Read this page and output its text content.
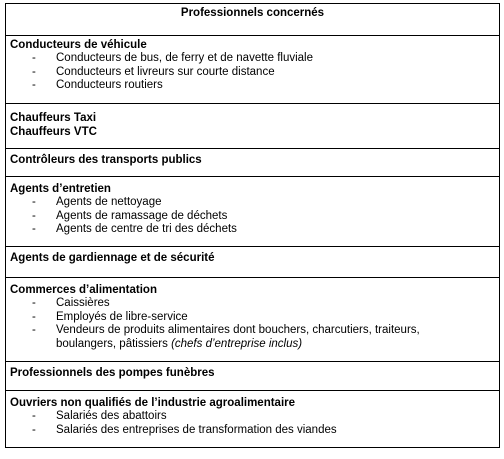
Professionnels concernés
Conducteurs de véhicule
- Conducteurs de bus, de ferry et de navette fluviale
- Conducteurs et livreurs sur courte distance
- Conducteurs routiers
Chauffeurs Taxi
Chauffeurs VTC
Contrôleurs des transports publics
Agents d’entretien
- Agents de nettoyage
- Agents de ramassage de déchets
- Agents de centre de tri des déchets
Agents de gardiennage et de sécurité
Commerces d’alimentation
- Caissières
- Employés de libre-service
- Vendeurs de produits alimentaires dont bouchers, charcutiers, traiteurs,
boulangers, pâtissiers (chefs d’entreprise inclus)
Professionnels des pompes funèbres
Ouvriers non qualifiés de l’industrie agroalimentaire
- Salariés des abattoirs
- Salariés des entreprises de transformation des viandes
